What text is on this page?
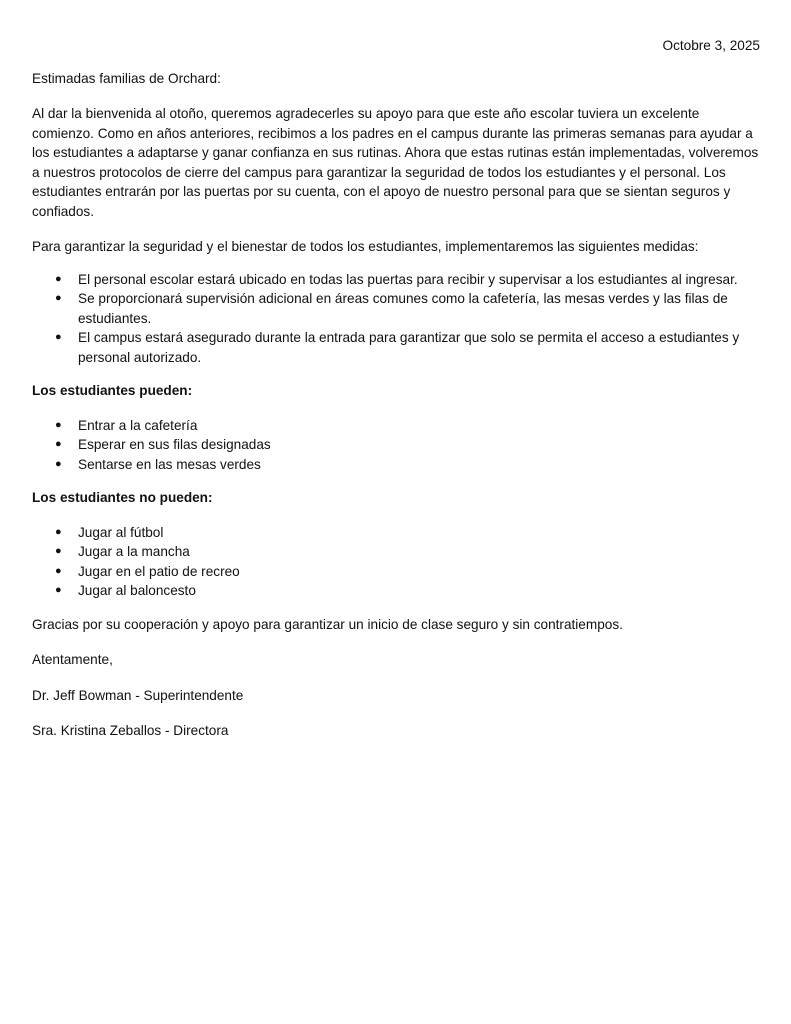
Octobre 3, 2025

Estimadas familias de Orchard:

Al dar la bienvenida al otoño, queremos agradecerles su apoyo para que este año escolar tuviera un excelente comienzo. Como en años anteriores, recibimos a los padres en el campus durante las primeras semanas para ayudar a los estudiantes a adaptarse y ganar confianza en sus rutinas. Ahora que estas rutinas están implementadas, volveremos a nuestros protocolos de cierre del campus para garantizar la seguridad de todos los estudiantes y el personal. Los estudiantes entrarán por las puertas por su cuenta, con el apoyo de nuestro personal para que se sientan seguros y confiados.

Para garantizar la seguridad y el bienestar de todos los estudiantes, implementaremos las siguientes medidas:

● El personal escolar estará ubicado en todas las puertas para recibir y supervisar a los estudiantes al ingresar.
● Se proporcionará supervisión adicional en áreas comunes como la cafetería, las mesas verdes y las filas de estudiantes.
● El campus estará asegurado durante la entrada para garantizar que solo se permita el acceso a estudiantes y personal autorizado.

Los estudiantes pueden:

● Entrar a la cafetería
● Esperar en sus filas designadas
● Sentarse en las mesas verdes

Los estudiantes no pueden:

● Jugar al fútbol
● Jugar a la mancha
● Jugar en el patio de recreo
● Jugar al baloncesto

Gracias por su cooperación y apoyo para garantizar un inicio de clase seguro y sin contratiempos.

Atentamente,

Dr. Jeff Bowman - Superintendente

Sra. Kristina Zeballos - Directora
